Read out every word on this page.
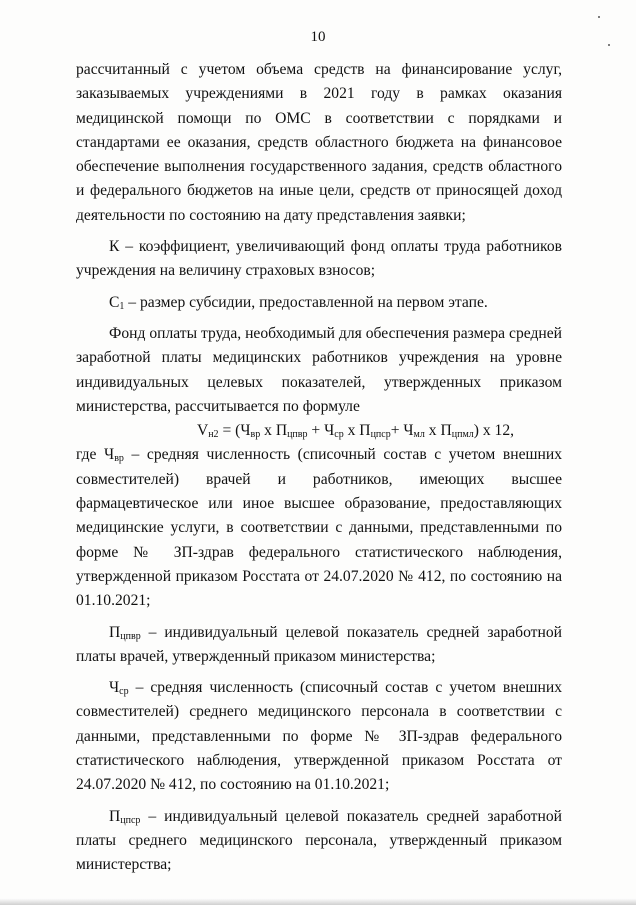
10

рассчитанный с учетом объема средств на финансирование услуг, заказываемых учреждениями в 2021 году в рамках оказания медицинской помощи по ОМС в соответствии с порядками и стандартами ее оказания, средств областного бюджета на финансовое обеспечение выполнения государственного задания, средств областного и федерального бюджетов на иные цели, средств от приносящей доход деятельности по состоянию на дату представления заявки;

К – коэффициент, увеличивающий фонд оплаты труда работников учреждения на величину страховых взносов;

$С_1$ – размер субсидии, предоставленной на первом этапе.

Фонд оплаты труда, необходимый для обеспечения размера средней заработной платы медицинских работников учреждения на уровне индивидуальных целевых показателей, утвержденных приказом министерства, рассчитывается по формуле

$V_{н2} = (Ч_{вр}$ х $П_{цпвр} + Ч_{ср}$ х $П_{цпср}+ Ч_{мл}$ х $П_{цпмл}$) х 12,

где $Ч_{вр}$ – средняя численность (списочный состав с учетом внешних совместителей) врачей и работников, имеющих высшее фармацевтическое или иное высшее образование, предоставляющих медицинские услуги, в соответствии с данными, представленными по форме № ЗП-здрав федерального статистического наблюдения, утвержденной приказом Росстата от 24.07.2020 № 412, по состоянию на 01.10.2021;

$П_{цпвр}$ – индивидуальный целевой показатель средней заработной платы врачей, утвержденный приказом министерства;

$Ч_{ср}$ – средняя численность (списочный состав с учетом внешних совместителей) среднего медицинского персонала в соответствии с данными, представленными по форме № ЗП-здрав федерального статистического наблюдения, утвержденной приказом Росстата от 24.07.2020 № 412, по состоянию на 01.10.2021;

$П_{цпср}$ – индивидуальный целевой показатель средней заработной платы среднего медицинского персонала, утвержденный приказом министерства;
